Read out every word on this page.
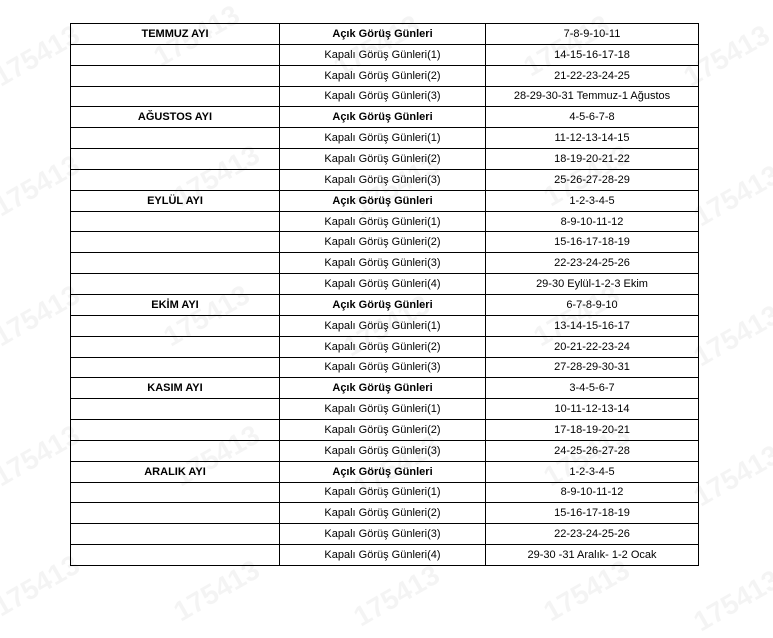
TEMMUZ AYI	Açık Görüş Günleri	7-8-9-10-11
	Kapalı Görüş Günleri(1)	14-15-16-17-18
	Kapalı Görüş Günleri(2)	21-22-23-24-25
	Kapalı Görüş Günleri(3)	28-29-30-31 Temmuz-1 Ağustos
AĞUSTOS AYI	Açık Görüş Günleri	4-5-6-7-8
	Kapalı Görüş Günleri(1)	11-12-13-14-15
	Kapalı Görüş Günleri(2)	18-19-20-21-22
	Kapalı Görüş Günleri(3)	25-26-27-28-29
EYLÜL AYI	Açık Görüş Günleri	1-2-3-4-5
	Kapalı Görüş Günleri(1)	8-9-10-11-12
	Kapalı Görüş Günleri(2)	15-16-17-18-19
	Kapalı Görüş Günleri(3)	22-23-24-25-26
	Kapalı Görüş Günleri(4)	29-30 Eylül-1-2-3 Ekim
EKİM AYI	Açık Görüş Günleri	6-7-8-9-10
	Kapalı Görüş Günleri(1)	13-14-15-16-17
	Kapalı Görüş Günleri(2)	20-21-22-23-24
	Kapalı Görüş Günleri(3)	27-28-29-30-31
KASIM AYI	Açık Görüş Günleri	3-4-5-6-7
	Kapalı Görüş Günleri(1)	10-11-12-13-14
	Kapalı Görüş Günleri(2)	17-18-19-20-21
	Kapalı Görüş Günleri(3)	24-25-26-27-28
ARALIK AYI	Açık Görüş Günleri	1-2-3-4-5
	Kapalı Görüş Günleri(1)	8-9-10-11-12
	Kapalı Görüş Günleri(2)	15-16-17-18-19
	Kapalı Görüş Günleri(3)	22-23-24-25-26
	Kapalı Görüş Günleri(4)	29-30 -31 Aralık- 1-2 Ocak
